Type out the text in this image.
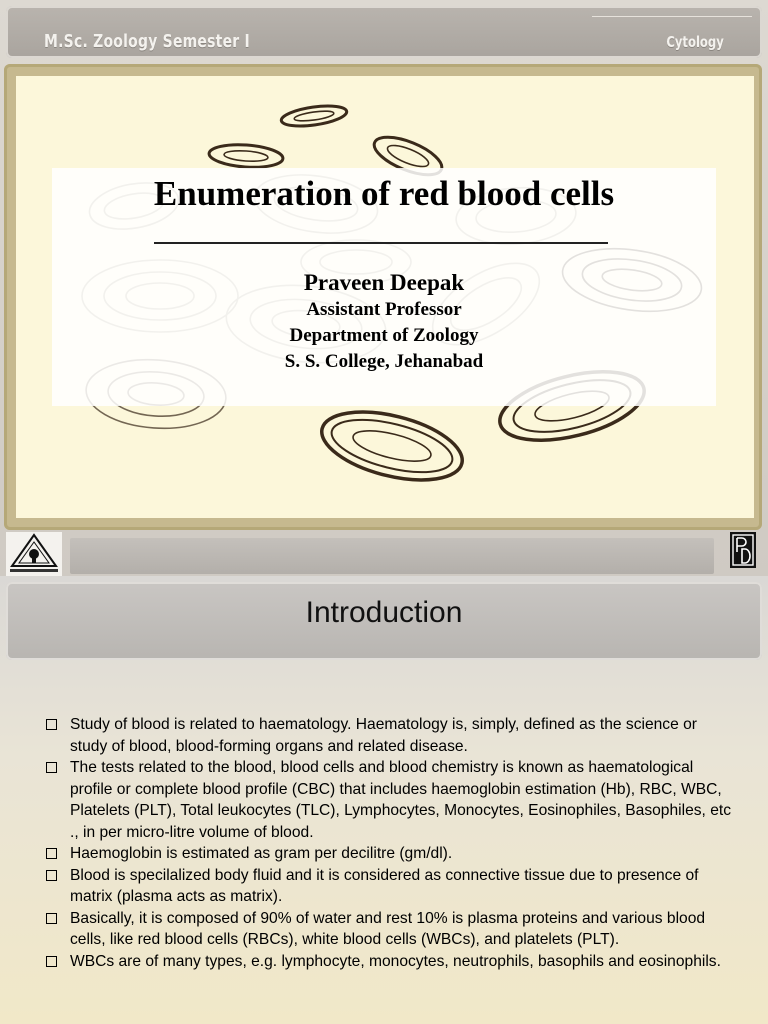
M.Sc. Zoology Semester I	Cytology
Enumeration of red blood cells
Praveen Deepak
Assistant Professor
Department of Zoology
S. S. College, Jehanabad
Introduction
Study of blood is related to haematology. Haematology is, simply, defined as the science or study of blood, blood-forming organs and related disease.
The tests related to the blood, blood cells and blood chemistry is known as haematological profile or complete blood profile (CBC) that includes haemoglobin estimation (Hb), RBC, WBC, Platelets (PLT), Total leukocytes (TLC), Lymphocytes, Monocytes, Eosinophiles, Basophiles, etc ., in per micro-litre volume of blood.
Haemoglobin is estimated as gram per decilitre (gm/dl).
Blood is specilalized body fluid and it is considered as connective tissue due to presence of matrix (plasma acts as matrix).
Basically, it is composed of 90% of water and rest 10% is plasma proteins and various blood cells, like red blood cells (RBCs), white blood cells (WBCs), and platelets (PLT).
WBCs are of many types, e.g. lymphocyte, monocytes, neutrophils, basophils and eosinophils.
